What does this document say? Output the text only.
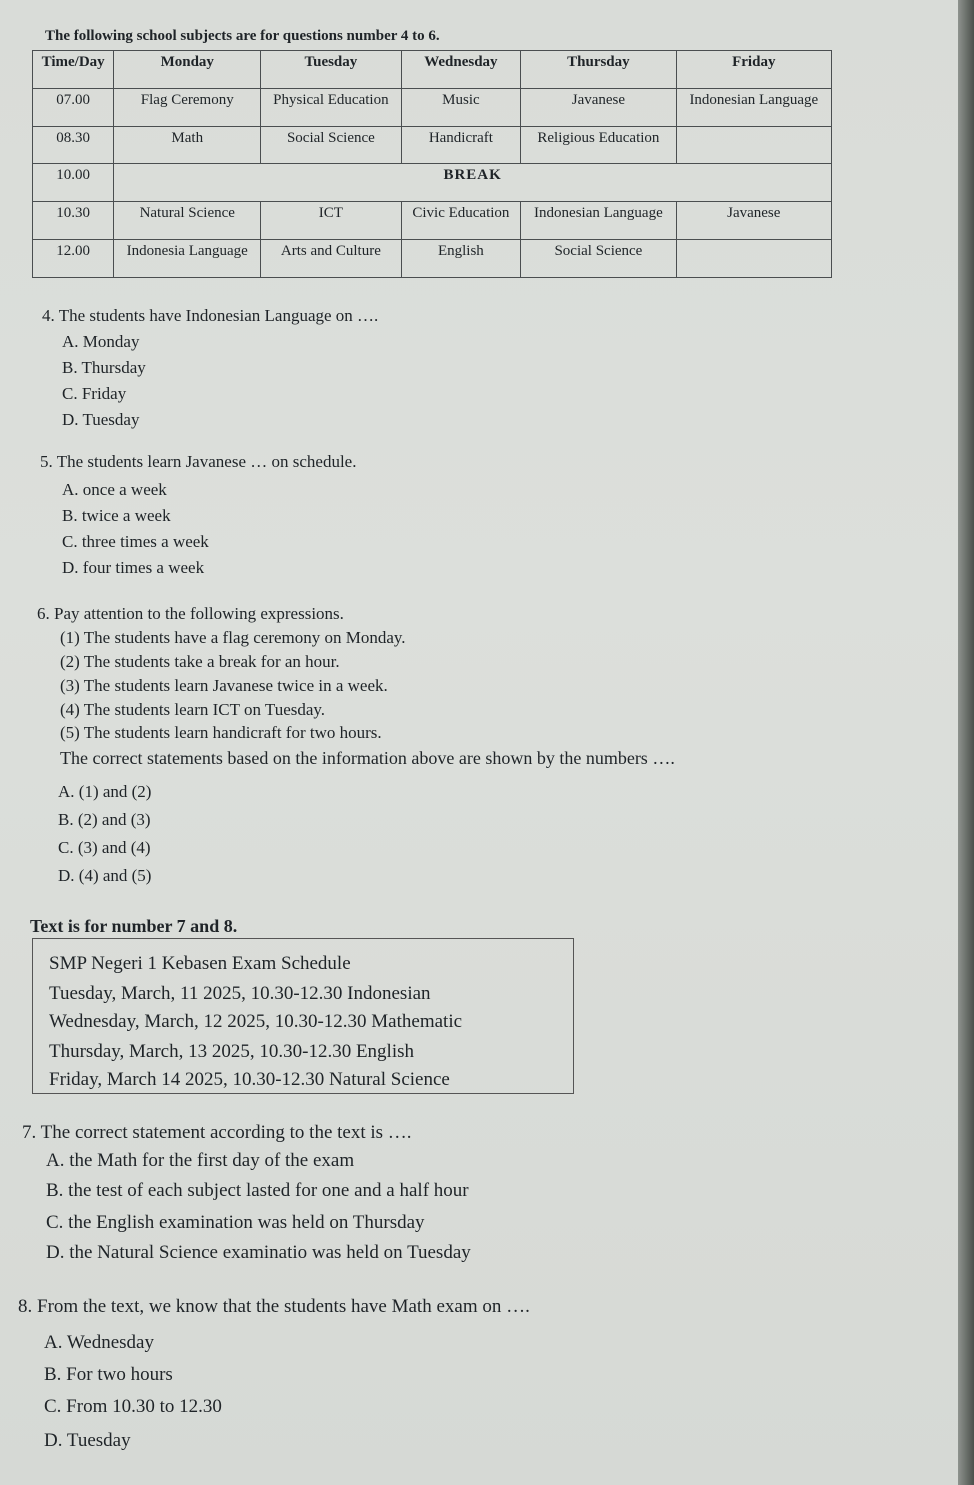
The following school subjects are for questions number 4 to 6.
Time/Day	Monday	Tuesday	Wednesday	Thursday	Friday
07.00	Flag Ceremony	Physical Education	Music	Javanese	Indonesian Language
08.30	Math	Social Science	Handicraft	Religious Education	
10.00	BREAK				
10.30	Natural Science	ICT	Civic Education	Indonesian Language	Javanese
12.00	Indonesia Language	Arts and Culture	English	Social Science	
4. The students have Indonesian Language on ….
A. Monday
B. Thursday
C. Friday
D. Tuesday
5. The students learn Javanese … on schedule.
A. once a week
B. twice a week
C. three times a week
D. four times a week
6. Pay attention to the following expressions.
(1) The students have a flag ceremony on Monday.
(2) The students take a break for an hour.
(3) The students learn Javanese twice in a week.
(4) The students learn ICT on Tuesday.
(5) The students learn handicraft for two hours.
The correct statements based on the information above are shown by the numbers ….
A. (1) and (2)
B. (2) and (3)
C. (3) and (4)
D. (4) and (5)
Text is for number 7 and 8.
SMP Negeri 1 Kebasen Exam Schedule
Tuesday, March, 11 2025, 10.30-12.30 Indonesian
Wednesday, March, 12 2025, 10.30-12.30 Mathematic
Thursday, March, 13 2025, 10.30-12.30 English
Friday, March 14 2025, 10.30-12.30 Natural Science
7. The correct statement according to the text is ….
A. the Math for the first day of the exam
B. the test of each subject lasted for one and a half hour
C. the English examination was held on Thursday
D. the Natural Science examinatio was held on Tuesday
8. From the text, we know that the students have Math exam on ….
A. Wednesday
B. For two hours
C. From 10.30 to 12.30
D. Tuesday
